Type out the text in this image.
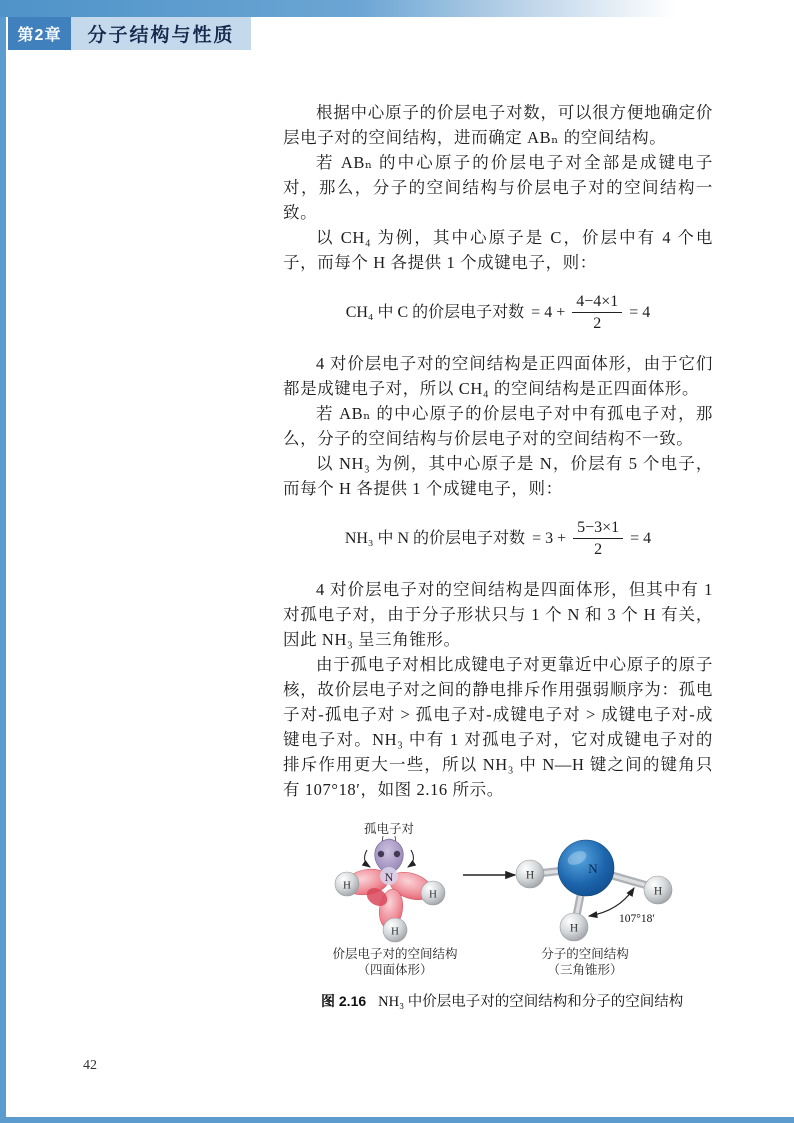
第2章	分子结构与性质

根据中心原子的价层电子对数，可以很方便地确定价层电子对的空间结构，进而确定 ABₙ 的空间结构。

若 ABₙ 的中心原子的价层电子对全部是成键电子对，那么，分子的空间结构与价层电子对的空间结构一致。

以 CH₄ 为例，其中心原子是 C，价层中有 4 个电子，而每个 H 各提供 1 个成键电子，则：

CH₄ 中 C 的价层电子对数 = $4 + \frac{4-4\times 1}{2} = 4$

4 对价层电子对的空间结构是正四面体形，由于它们都是成键电子对，所以 CH₄ 的空间结构是正四面体形。

若 ABₙ 的中心原子的价层电子对中有孤电子对，那么，分子的空间结构与价层电子对的空间结构不一致。

以 NH₃ 为例，其中心原子是 N，价层有 5 个电子，而每个 H 各提供 1 个成键电子，则：

NH₃ 中 N 的价层电子对数 = $3 + \frac{5-3\times 1}{2} = 4$

4 对价层电子对的空间结构是四面体形，但其中有 1 对孤电子对，由于分子形状只与 1 个 N 和 3 个 H 有关，因此 NH₃ 呈三角锥形。

由于孤电子对相比成键电子对更靠近中心原子的原子核，故价层电子对之间的静电排斥作用强弱顺序为：孤电子对-孤电子对 > 孤电子对-成键电子对 > 成键电子对-成键电子对。NH₃ 中有 1 对孤电子对，它对成键电子对的排斥作用更大一些，所以 NH₃ 中 N—H 键之间的键角只有 107°18′，如图 2.16 所示。

孤电子对
N
H
H
H
N
H
H
H
107°18′
价层电子对的空间结构
（四面体形）
分子的空间结构
（三角锥形）
图 2.16 NH₃ 中价层电子对的空间结构和分子的空间结构
42
